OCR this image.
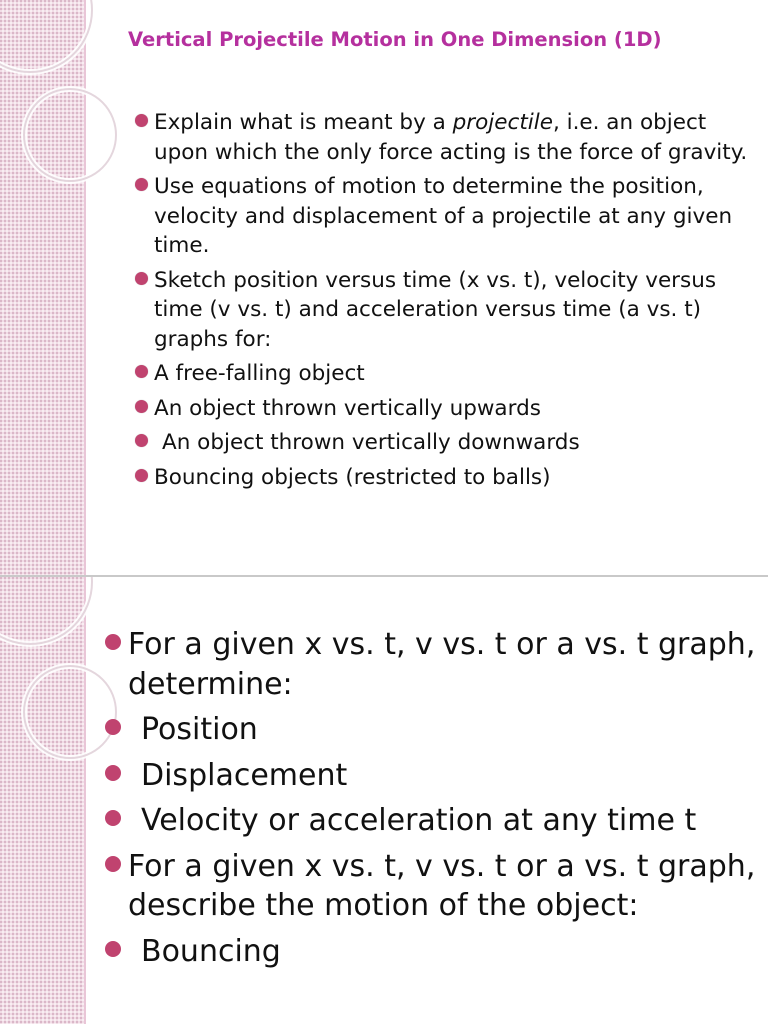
Vertical Projectile Motion in One Dimension (1D)
Explain what is meant by a projectile, i.e. an object upon which the only force acting is the force of gravity.
Use equations of motion to determine the position, velocity and displacement of a projectile at any given time.
Sketch position versus time (x vs. t), velocity versus time (v vs. t) and acceleration versus time (a vs. t) graphs for:
A free-falling object
An object thrown vertically upwards
An object thrown vertically downwards
Bouncing objects (restricted to balls)
For a given x vs. t, v vs. t or a vs. t graph, determine:
Position
Displacement
Velocity or acceleration at any time t
For a given x vs. t, v vs. t or a vs. t graph, describe the motion of the object:
Bouncing
